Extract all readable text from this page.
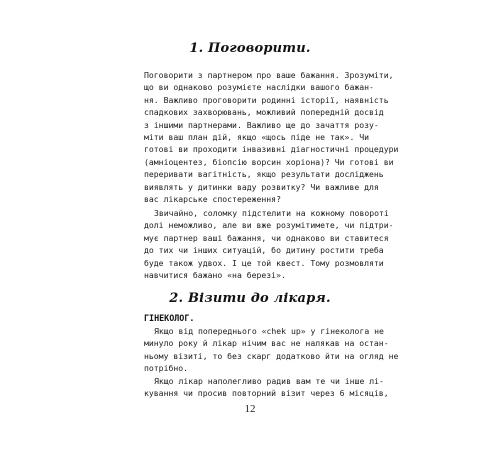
1. Поговорити.
Поговорити з партнером про ваше бажання. Зрозуміти,
що ви однаково розумієте наслідки вашого бажан-
ня. Важливо проговорити родинні історії, наявність
спадкових захворювань, можливий попередній досвід
з іншими партнерами. Важливо ще до зачаття розу-
міти ваш план дій, якщо «щось піде не так». Чи
готові ви проходити інвазивні діагностичні процедури
(амніоцентез, біопсію ворсин хоріона)? Чи готові ви
переривати вагітність, якщо результати досліджень
виявлять у дитинки ваду розвитку? Чи важливе для
вас лікарське спостереження?
Звичайно, соломку підстелити на кожному повороті
долі неможливо, але ви вже розумітимете, чи підтри-
мує партнер ваші бажання, чи однаково ви ставитеся
до тих чи інших ситуацій, бо дитину ростити треба
буде також удвох. І це той квест. Тому розмовляти
навчитися бажано «на березі».
2. Візити до лікаря.
ГІНЕКОЛОГ.
Якщо від попереднього «chek up» у гінеколога не
минуло року й лікар нічим вас не налякав на остан-
ньому візиті, то без скарг додатково йти на огляд не
потрібно.
Якщо лікар наполегливо радив вам те чи інше лі-
кування чи просив повторний візит через 6 місяців,
12
